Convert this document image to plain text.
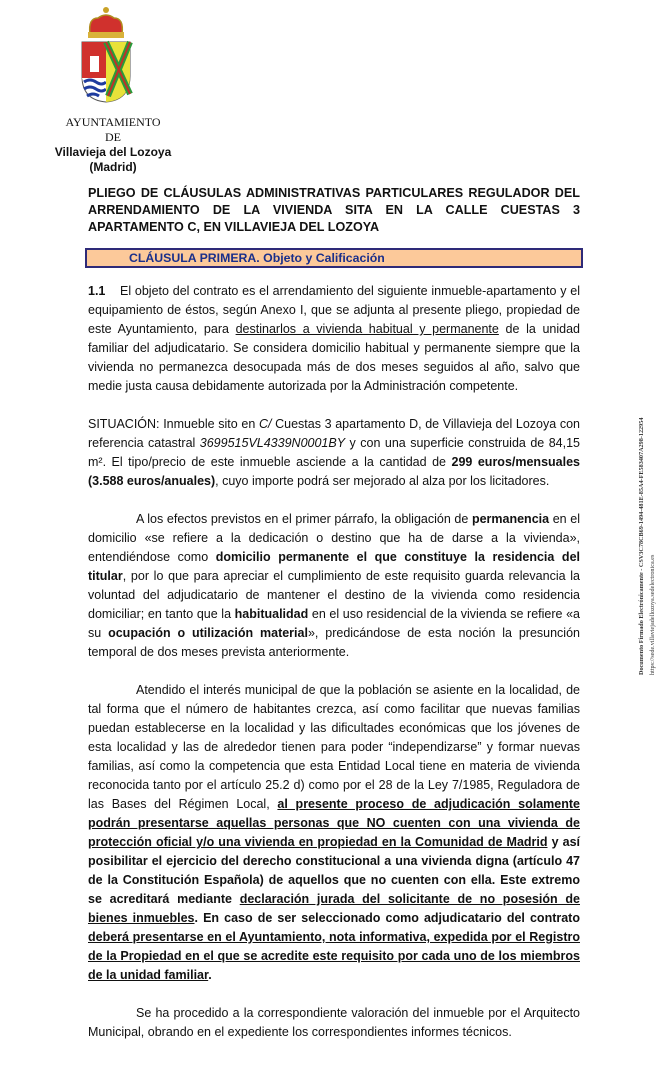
AYUNTAMIENTO
DE
Villavieja del Lozoya
(Madrid)
PLIEGO DE CLÁUSULAS ADMINISTRATIVAS PARTICULARES REGULADOR DEL ARRENDAMIENTO DE LA VIVIENDA SITA EN LA CALLE CUESTAS 3 APARTAMENTO C, EN VILLAVIEJA DEL LOZOYA
CLÁUSULA PRIMERA. Objeto y Calificación
1.1 El objeto del contrato es el arrendamiento del siguiente inmueble-apartamento y el equipamiento de éstos, según Anexo I, que se adjunta al presente pliego, propiedad de este Ayuntamiento, para destinarlos a vivienda habitual y permanente de la unidad familiar del adjudicatario. Se considera domicilio habitual y permanente siempre que la vivienda no permanezca desocupada más de dos meses seguidos al año, salvo que medie justa causa debidamente autorizada por la Administración competente.
SITUACIÓN: Inmueble sito en C/ Cuestas 3 apartamento D, de Villavieja del Lozoya con referencia catastral 3699515VL4339N0001BY y con una superficie construida de 84,15 m². El tipo/precio de este inmueble asciende a la cantidad de 299 euros/mensuales (3.588 euros/anuales), cuyo importe podrá ser mejorado al alza por los licitadores.
A los efectos previstos en el primer párrafo, la obligación de permanencia en el domicilio «se refiere a la dedicación o destino que ha de darse a la vivienda», entendiéndose como domicilio permanente el que constituye la residencia del titular, por lo que para apreciar el cumplimiento de este requisito guarda relevancia la voluntad del adjudicatario de mantener el destino de la vivienda como residencia domiciliar; en tanto que la habitualidad en el uso residencial de la vivienda se refiere «a su ocupación o utilización material», predicándose de esta noción la presunción temporal de dos meses prevista anteriormente.
Atendido el interés municipal de que la población se asiente en la localidad, de tal forma que el número de habitantes crezca, así como facilitar que nuevas familias puedan establecerse en la localidad y las dificultades económicas que los jóvenes de esta localidad y las de alrededor tienen para poder “independizarse” y formar nuevas familias, así como la competencia que esta Entidad Local tiene en materia de vivienda reconocida tanto por el artículo 25.2 d) como por el 28 de la Ley 7/1985, Reguladora de las Bases del Régimen Local, al presente proceso de adjudicación solamente podrán presentarse aquellas personas que NO cuenten con una vivienda de protección oficial y/o una vivienda en propiedad en la Comunidad de Madrid y así posibilitar el ejercicio del derecho constitucional a una vivienda digna (artículo 47 de la Constitución Española) de aquellos que no cuenten con ella. Este extremo se acreditará mediante declaración jurada del solicitante de no posesión de bienes inmuebles. En caso de ser seleccionado como adjudicatario del contrato deberá presentarse en el Ayuntamiento, nota informativa, expedida por el Registro de la Propiedad en el que se acredite este requisito por cada uno de los miembros de la unidad familiar.
Se ha procedido a la correspondiente valoración del inmueble por el Arquitecto Municipal, obrando en el expediente los correspondientes informes técnicos.
Documento Firmado Electrónicamente - CSV3C78CB69-1494-481E-85A4-FE583407A298-122954 https://sede.villaviejadellozoya.sedelectronica.es
